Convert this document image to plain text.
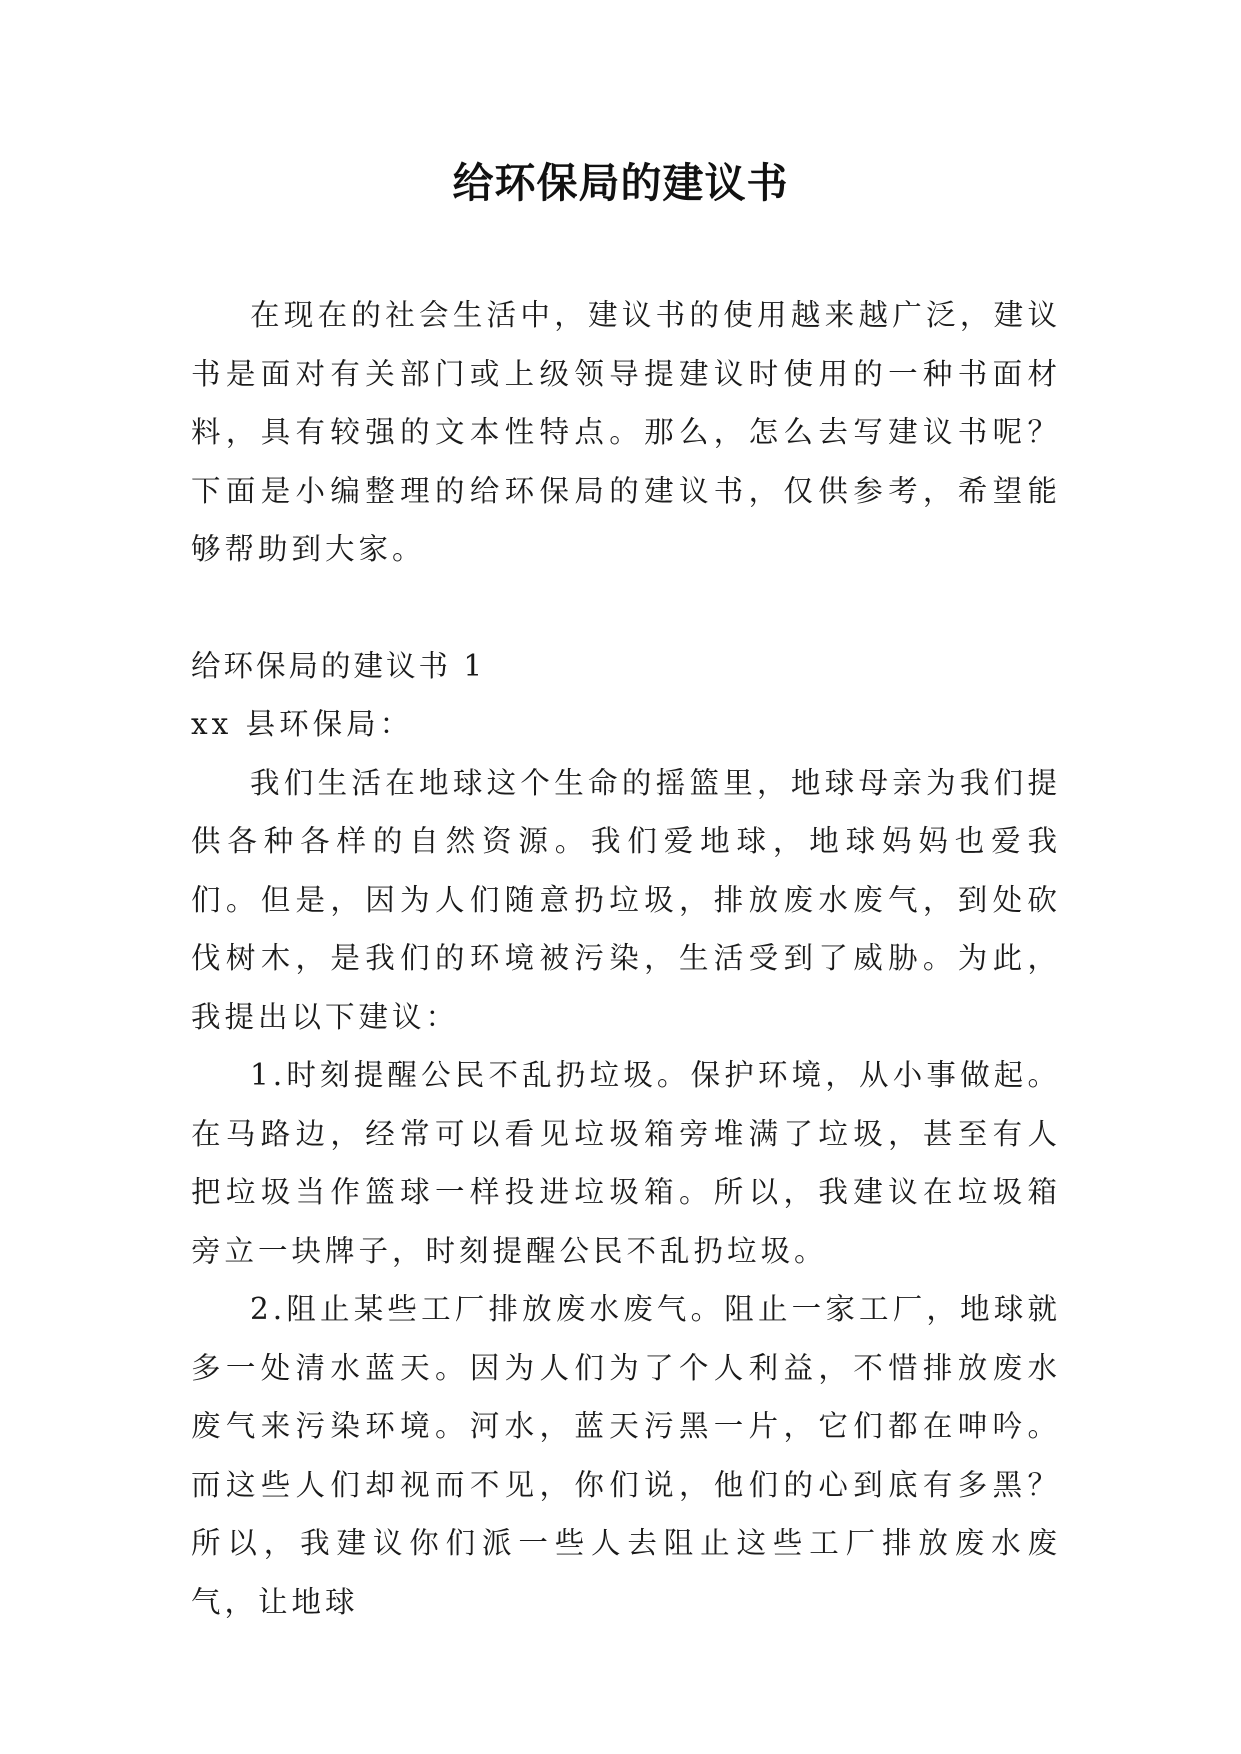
给环保局的建议书

在现在的社会生活中，建议书的使用越来越广泛，建议书是面对有关部门或上级领导提建议时使用的一种书面材料，具有较强的文本性特点。那么，怎么去写建议书呢？下面是小编整理的给环保局的建议书，仅供参考，希望能够帮助到大家。

给环保局的建议书 1

xx 县环保局：

我们生活在地球这个生命的摇篮里，地球母亲为我们提供各种各样的自然资源。我们爱地球，地球妈妈也爱我们。但是，因为人们随意扔垃圾，排放废水废气，到处砍伐树木，是我们的环境被污染，生活受到了威胁。为此，我提出以下建议：

1.时刻提醒公民不乱扔垃圾。保护环境，从小事做起。在马路边，经常可以看见垃圾箱旁堆满了垃圾，甚至有人把垃圾当作篮球一样投进垃圾箱。所以，我建议在垃圾箱旁立一块牌子，时刻提醒公民不乱扔垃圾。

2.阻止某些工厂排放废水废气。阻止一家工厂，地球就多一处清水蓝天。因为人们为了个人利益，不惜排放废水废气来污染环境。河水，蓝天污黑一片，它们都在呻吟。而这些人们却视而不见，你们说，他们的心到底有多黑？所以，我建议你们派一些人去阻止这些工厂排放废水废气，让地球
